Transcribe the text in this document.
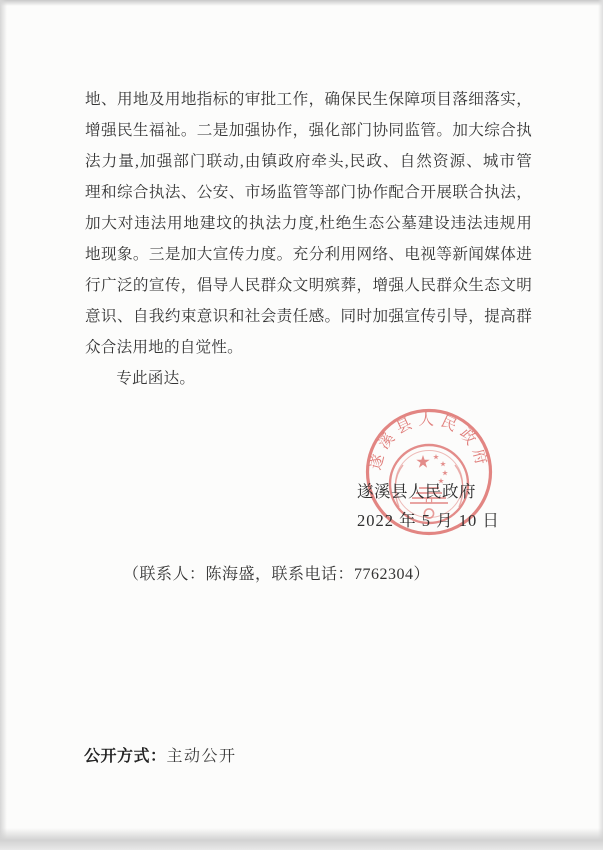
遂溪县人民政府
地、用地及用地指标的审批工作，确保民生保障项目落细落实，
增强民生福祉。二是加强协作，强化部门协同监管。加大综合执
法力量,加强部门联动,由镇政府牵头,民政、自然资源、城市管
理和综合执法、公安、市场监管等部门协作配合开展联合执法，
加大对违法用地建坟的执法力度,杜绝生态公墓建设违法违规用
地现象。三是加大宣传力度。充分利用网络、电视等新闻媒体进
行广泛的宣传，倡导人民群众文明殡葬，增强人民群众生态文明
意识、自我约束意识和社会责任感。同时加强宣传引导，提高群
众合法用地的自觉性。
专此函达。
遂溪县人民政府
2022 年 5 月 10 日
（联系人：陈海盛，联系电话：7762304）
公开方式：主动公开
